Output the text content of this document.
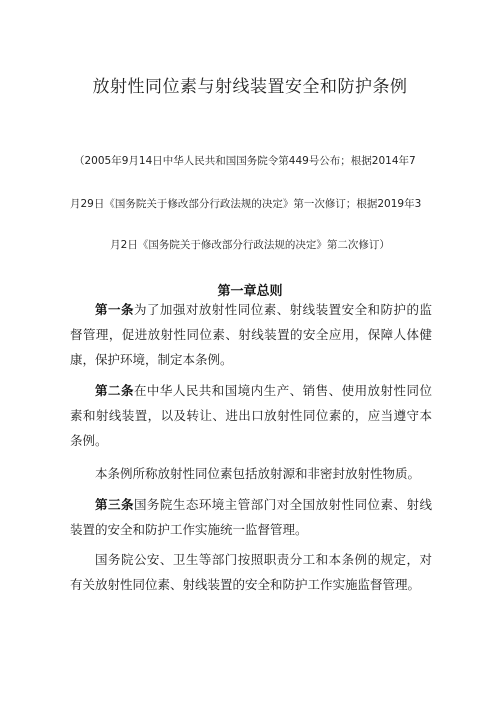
放射性同位素与射线装置安全和防护条例
（2005年9月14日中华人民共和国国务院令第449号公布；根据2014年7
月29日《国务院关于修改部分行政法规的决定》第一次修订；根据2019年3
月2日《国务院关于修改部分行政法规的决定》第二次修订）
第一章总则

第一条为了加强对放射性同位素、射线装置安全和防护的监督管理，促进放射性同位素、射线装置的安全应用，保障人体健康，保护环境，制定本条例。

第二条在中华人民共和国境内生产、销售、使用放射性同位素和射线装置，以及转让、进出口放射性同位素的，应当遵守本条例。

本条例所称放射性同位素包括放射源和非密封放射性物质。

第三条国务院生态环境主管部门对全国放射性同位素、射线装置的安全和防护工作实施统一监督管理。

国务院公安、卫生等部门按照职责分工和本条例的规定，对有关放射性同位素、射线装置的安全和防护工作实施监督管理。
